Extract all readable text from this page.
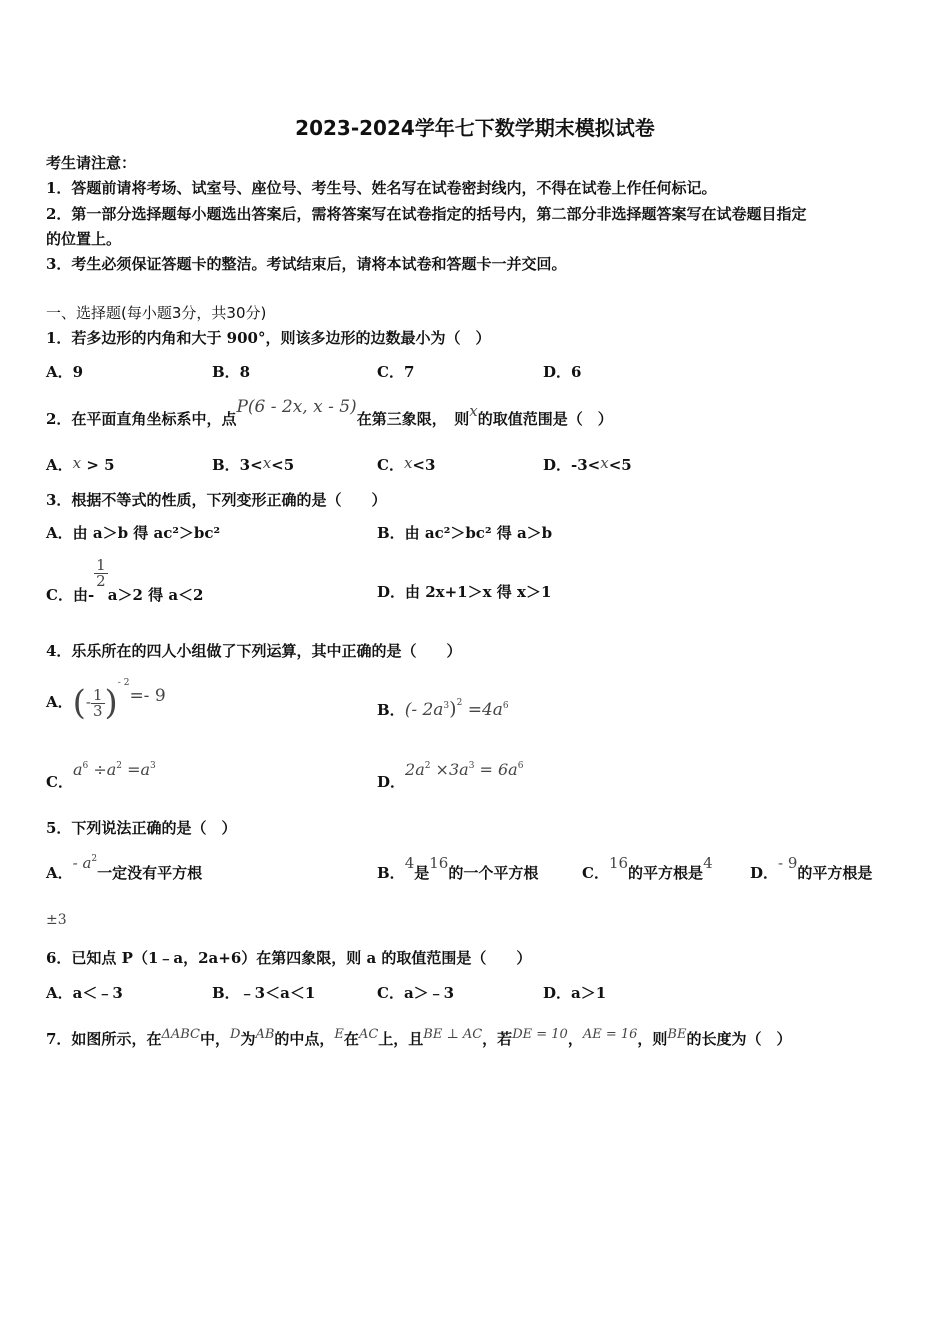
2023-2024学年七下数学期末模拟试卷
考生请注意：
1．答题前请将考场、试室号、座位号、考生号、姓名写在试卷密封线内，不得在试卷上作任何标记。
2．第一部分选择题每小题选出答案后，需将答案写在试卷指定的括号内，第二部分非选择题答案写在试卷题目指定
的位置上。
3．考生必须保证答题卡的整洁。考试结束后，请将本试卷和答题卡一并交回。
一、选择题(每小题3分，共30分)
1．若多边形的内角和大于 900°，则该多边形的边数最小为（　）
A．9	B．8	C．7	D．6
2．在平面直角坐标系中，点P(6 - 2x, x - 5)在第三象限，　则x的取值范围是（　）
A．x > 5	B．3<x<5	C．x<3	D．-3<x<5
3．根据不等式的性质，下列变形正确的是（　　）
A．由 a＞b 得 ac²＞bc²	B．由 ac²＞bc² 得 a＞b
C．由-
$\frac{1}{2}$
a＞2 得 a＜2	D．由 2x+1＞x 得 x＞1
4．乐乐所在的四人小组做了下列运算，其中正确的是（　　）
A．(- $\frac{1}{3} )^{- 2}=-$ 9
B．(- $2a^3)^2 =4a^6$
C．$a^6 \div a^2 =a^3$
D．$2a^2 \times 3a^3 = 6a^6$
5．下列说法正确的是（　）
A．- $a^2$一定没有平方根	B．4是16的一个平方根	C．16的平方根是4
D．- 9的平方根是
±3
6．已知点 P（1﹣a，2a+6）在第四象限，则 a 的取值范围是（　　）
A．a＜﹣3	B．﹣3＜a＜1	C．a＞﹣3	D．a＞1
7．如图所示，在ΔABC中，D为AB的中点，E在AC上，且BE ⊥ AC，若DE = 10，AE = 16，则BE的长度为（　）
